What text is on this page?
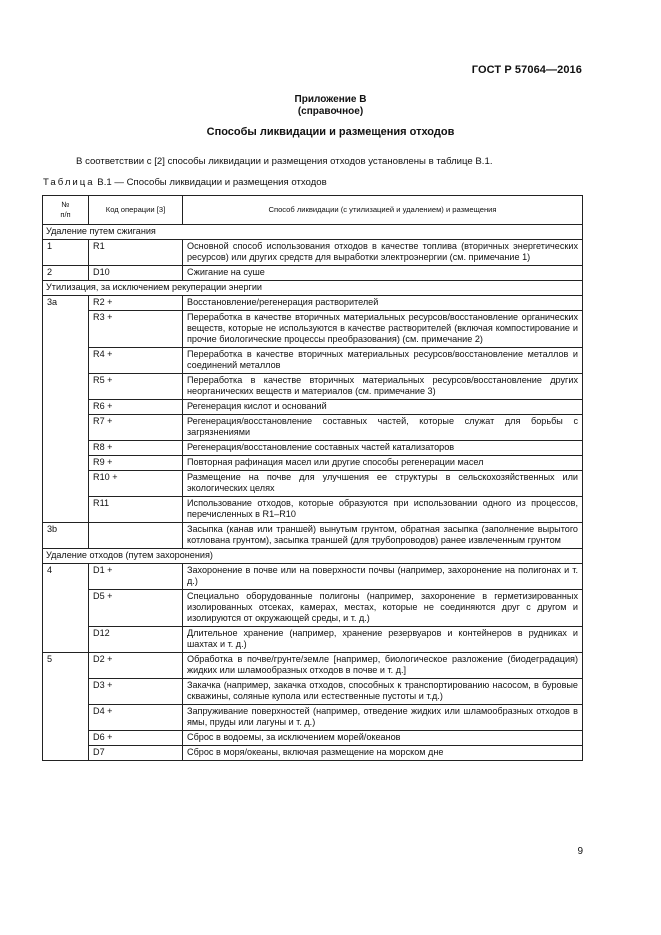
ГОСТ Р 57064—2016
Приложение В
(справочное)
Способы ликвидации и размещения отходов
В соответствии с [2] способы ликвидации и размещения отходов установлены в таблице В.1.
Таблица В.1 — Способы ликвидации и размещения отходов
№
п/п	Код операции [3]	Способ ликвидации (с утилизацией и удалением) и размещения
Удаление путем сжигания		
1	R1	Основной способ использования отходов в качестве топлива (вторичных энергетических ресурсов) или других средств для выработки электроэнергии (см. примечание 1)
2	D10	Сжигание на суше
Утилизация, за исключением рекуперации энергии		
3а	R2 +	Восстановление/регенерация растворителей
	R3 +	Переработка в качестве вторичных материальных ресурсов/восстановление органических веществ, которые не используются в качестве растворителей (включая компостирование и прочие биологические процессы преобразования) (см. примечание 2)
	R4 +	Переработка в качестве вторичных материальных ресурсов/восстановление металлов и соединений металлов
	R5 +	Переработка в качестве вторичных материальных ресурсов/восстановление других неорганических веществ и материалов (см. примечание 3)
	R6 +	Регенерация кислот и оснований
	R7 +	Регенерация/восстановление составных частей, которые служат для борьбы с загрязнениями
	R8 +	Регенерация/восстановление составных частей катализаторов
	R9 +	Повторная рафинация масел или другие способы регенерации масел
	R10 +	Размещение на почве для улучшения ее структуры в сельскохозяйственных или экологических целях
	R11	Использование отходов, которые образуются при использовании одного из процессов, перечисленных в R1–R10
3b		Засыпка (канав или траншей) вынутым грунтом, обратная засыпка (заполнение вырытого котлована грунтом), засыпка траншей (для трубопроводов) ранее извлеченным грунтом
Удаление отходов (путем захоронения)		
4	D1 +	Захоронение в почве или на поверхности почвы (например, захоронение на полигонах и т. д.)
	D5 +	Специально оборудованные полигоны (например, захоронение в герметизированных изолированных отсеках, камерах, местах, которые не соединяются друг с другом и изолируются от окружающей среды, и т. д.)
	D12	Длительное хранение (например, хранение резервуаров и контейнеров в рудниках и шахтах и т. д.)
5	D2 +	Обработка в почве/грунте/земле [например, биологическое разложение (биодеградация) жидких или шламообразных отходов в почве и т. д.]
	D3 +	Закачка (например, закачка отходов, способных к транспортированию насосом, в буровые скважины, соляные купола или естественные пустоты и т.д.)
	D4 +	Запруживание поверхностей (например, отведение жидких или шламообразных отходов в ямы, пруды или лагуны и т. д.)
	D6 +	Сброс в водоемы, за исключением морей/океанов
	D7	Сброс в моря/океаны, включая размещение на морском дне
9
